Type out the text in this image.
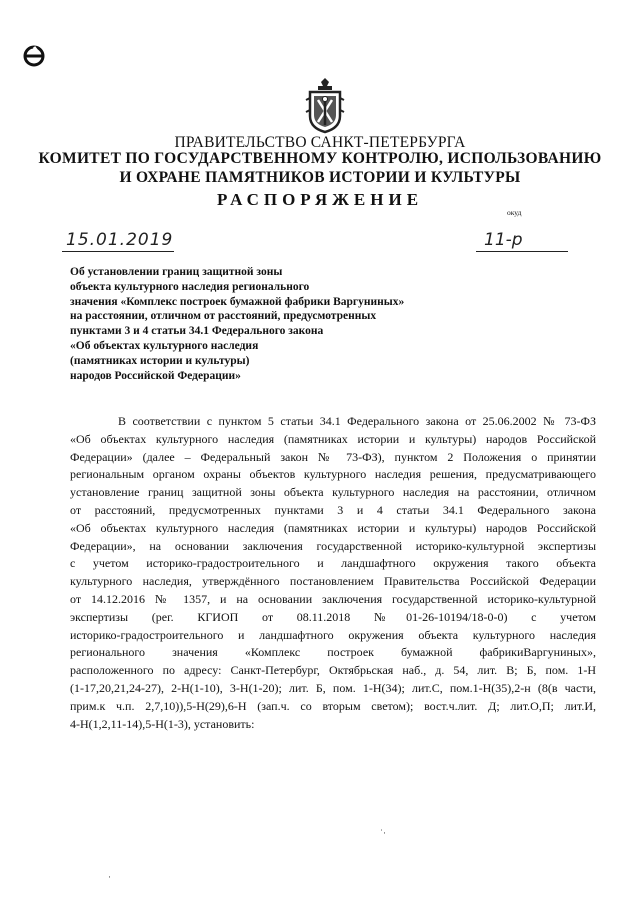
ПРАВИТЕЛЬСТВО САНКТ-ПЕТЕРБУРГА
КОМИТЕТ ПО ГОСУДАРСТВЕННОМУ КОНТРОЛЮ, ИСПОЛЬЗОВАНИЮ
И ОХРАНЕ ПАМЯТНИКОВ ИСТОРИИ И КУЛЬТУРЫ
РАСПОРЯЖЕНИЕ
окуд
15.01.2019	11-р
Об установлении границ защитной зоны
объекта культурного наследия регионального
значения «Комплекс построек бумажной фабрики Варгуниных»
на расстоянии, отличном от расстояний, предусмотренных
пунктами 3 и 4 статьи 34.1 Федерального закона
«Об объектах культурного наследия
(памятниках истории и культуры)
народов Российской Федерации»
В соответствии с пунктом 5 статьи 34.1 Федерального закона от 25.06.2002 № 73-ФЗ
«Об объектах культурного наследия (памятниках истории и культуры) народов Российской
Федерации» (далее – Федеральный закон № 73-ФЗ), пунктом 2 Положения о принятии
региональным органом охраны объектов культурного наследия решения, предусматривающего
установление границ защитной зоны объекта культурного наследия на расстоянии, отличном
от расстояний, предусмотренных пунктами 3 и 4 статьи 34.1 Федерального закона
«Об объектах культурного наследия (памятниках истории и культуры) народов Российской
Федерации», на основании заключения государственной историко-культурной экспертизы
с учетом историко-градостроительного и ландшафтного окружения такого объекта
культурного наследия, утверждённого постановлением Правительства Российской Федерации
от 14.12.2016 № 1357, и на основании заключения государственной историко-культурной
экспертизы (рег. КГИОП от 08.11.2018 №01-26-10194/18-0-0) с учетом
историко-градостроительного и ландшафтного окружения объекта культурного наследия
регионального значения «Комплекс построек бумажной фабрикиВаргуниных»,
расположенного по адресу: Санкт-Петербург, Октябрьская наб., д. 54, лит. В; Б, пом. 1-Н
(1-17,20,21,24-27), 2-Н(1-10), 3-Н(1-20); лит. Б, пом. 1-Н(34); лит.С, пом.1-Н(35),2-н (8(в части,
прим.к ч.п. 2,7,10)),5-Н(29),6-Н (зап.ч. со вторым светом); вост.ч.лит. Д; лит.О,П; лит.И,
4-Н(1,2,11-14),5-Н(1-3), установить:
˙·
·
